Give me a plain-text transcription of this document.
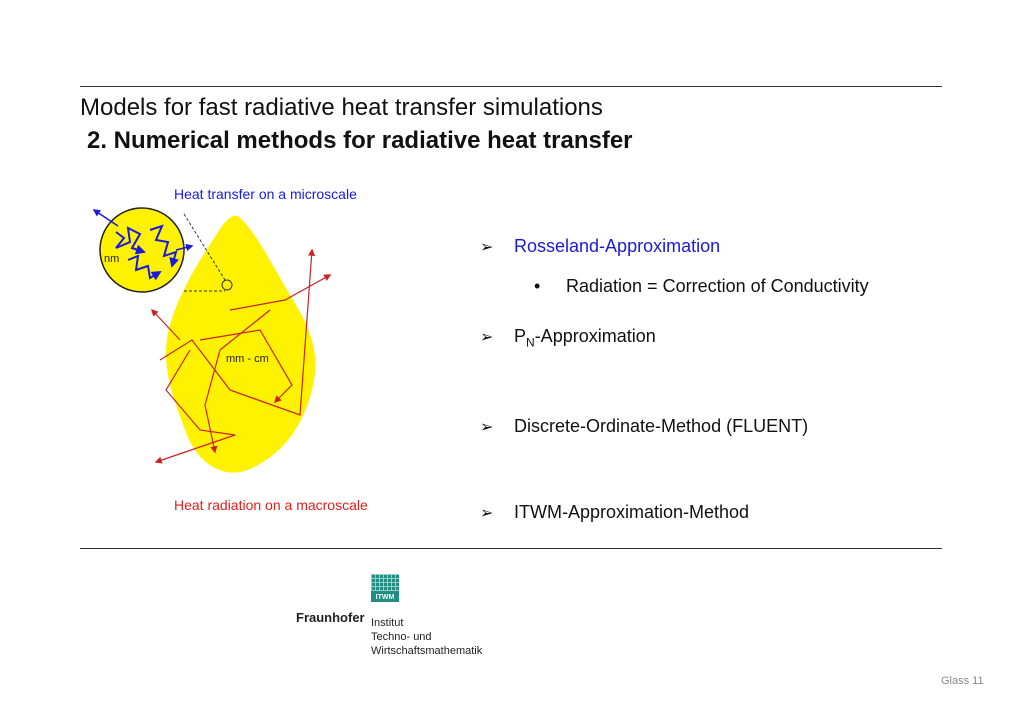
Models for fast radiative heat transfer simulations
2. Numerical methods for radiative heat transfer
Heat transfer on a microscale
nm
mm - cm
Heat radiation on a macroscale
➢ Rosseland-Approximation
• Radiation = Correction of Conductivity
➢ $P_N$-Approximation
➢ Discrete-Ordinate-Method (FLUENT)
➢ ITWM-Approximation-Method
ITWM
Fraunhofer Institut
Techno- und
Wirtschaftsmathematik
Glass 11
